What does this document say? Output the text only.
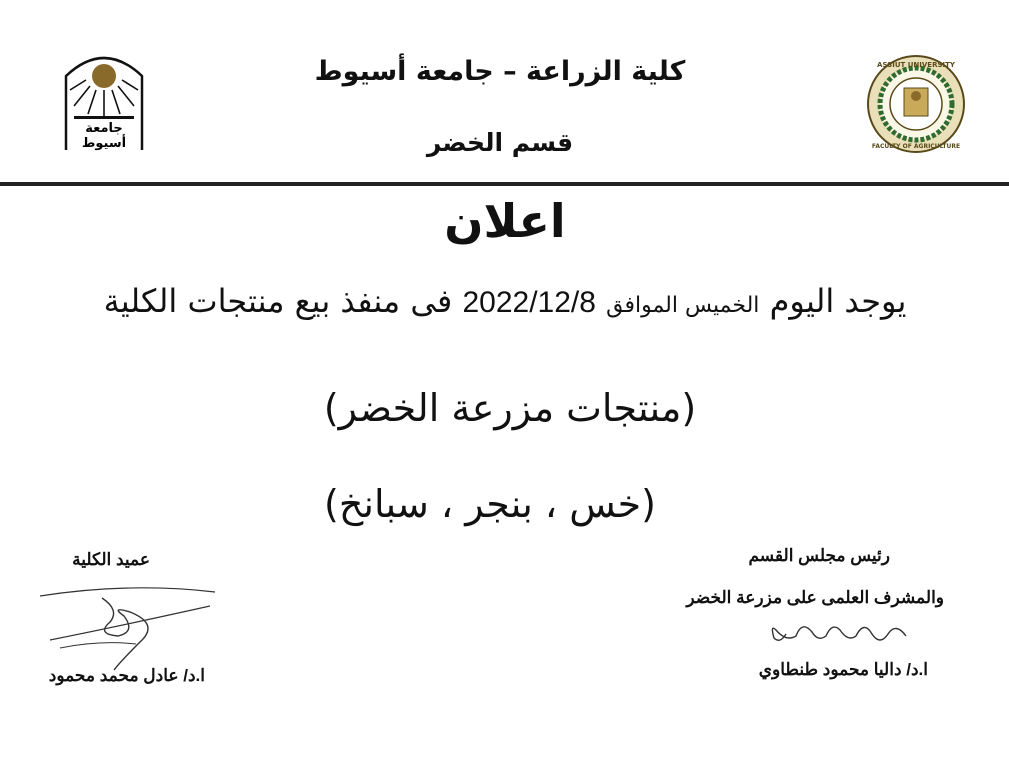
جامعة
أسيوط
ASSIUT UNIVERSITY
FACULTY OF AGRICULTURE
كلية الزراعة – جامعة أسيوط
قسم الخضر
اعلان
يوجد اليوم الخميس الموافق 2022/12/8 فى منفذ بيع منتجات الكلية
(منتجات مزرعة الخضر)
(خس ، بنجر ، سبانخ)
رئيس مجلس القسم
والمشرف العلمى على مزرعة الخضر
ا.د/ داليا محمود طنطاوي
عميد الكلية
ا.د/ عادل محمد محمود
